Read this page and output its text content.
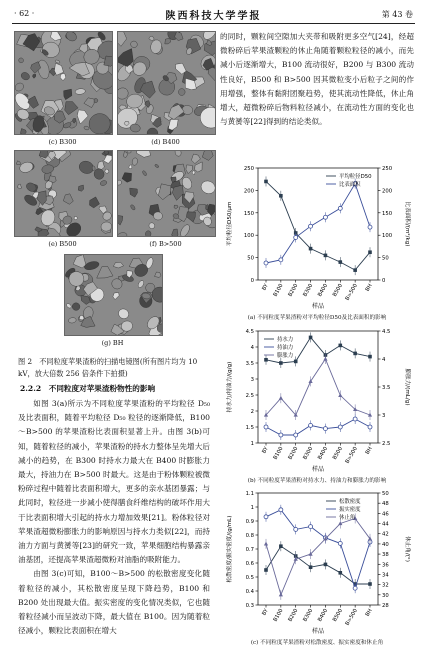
· 62 ·	陕西科技大学学报	第 43 卷
(c) B300	(d) B400
(e) B500	(f) B>500
(g) BH
图 2　不同粒度苹果渣粉的扫描电镜图(所有图片均为 10 kV，放大倍数 256 倍条件下拍摄)
2.2.2　不同粒度对苹果渣粉物性的影响

如图 3(a)所示为不同粒度苹果渣粉的平均粒径 D₅₀ 及比表面积，随着平均粒径 D₅₀ 粒径的逐渐降低，B100～B>500 的苹果渣粉比表面积显著上升。由图 3(b)可知，随着粒径的减小，苹果渣粉的持水力整体呈先增大后减小的趋势，在 B300 时持水力最大在 B400 时膨胀力最大，持油力在 B>500 时最大。这是由于粉体颗粒被微粉碎过程中随着比表面积增大，更多的亲水基团暴露；与此同时，粒径进一步减小使得膳食纤维结构的破坏作用大于比表面积增大引起的持水力增加效果[21]。粉体粒径对苹果渣超微粉膨胀力的影响原因与持水力类似[22]，而持油力方面与黄赟等[23]的研究一致，苹果细胞结构暴露亲油基团，还提高苹果渣超微粉对油脂的吸附能力。

由图 3(c)可知，B100～B>500 的松散密度变化随着粒径的减小，其松散密度呈现下降趋势，B100 和 B200 处出现最大值。振实密度的变化情况类似，它也随着粒径减小而呈波动下降，最大值在 B100。因为随着粒径减小，颗粒比表面积在增大

的同时，颗粒间空隙加大夹带和吸附更多空气[24]，经超微粉碎后苹果渣颗粒的休止角随着颗粒粒径的减小，而先减小后逐渐增大，B100 流动很好，B200 与 B300 流动性良好，B500 和 B>500 因其微粒变小后粒子之间的作用增强，整体有黏附团聚趋势，使其流动性降低，休止角增大，超微粉碎后物料粒径减小，在流动性方面的变化也与黄赟等[22]得到的结论类似。

0
50
100
150
200
250
0
50
100
150
200
250
BY B100 B200 B300 B400 B500 B>500 BH
样品
平均粒径D50/μm	比表面积/(m²/kg)
平均粒径D50
比表面积
(a) 不同粒度苹果渣粉对平均粒径D50及比表面积的影响
1
1.5
2
2.5
3
3.5
4
4.5
2.5
3
3.5
4
4.5
BY B100 B200 B300 B400 B500 B>500 BH
样品
持水力/持油力/(g/g)	膨胀力/(mL/g)
持水力
持油力
膨胀力
(b) 不同粒度苹果渣粉对持水力、持油力和膨胀力的影响
0.3
0.4
0.5
0.6
0.7
0.8
0.9
1
1.1
28
30
32
34
36
38
40
42
44
46
48
50
BY B100 B200 B300 B400 B500 B>500 BH
样品
松散密度/振实密度/(g/mL)	休止角/(°)
松散密度
振实密度
休止角
(c) 不同粒度苹果渣粉对松散密度、振实密度和休止角
